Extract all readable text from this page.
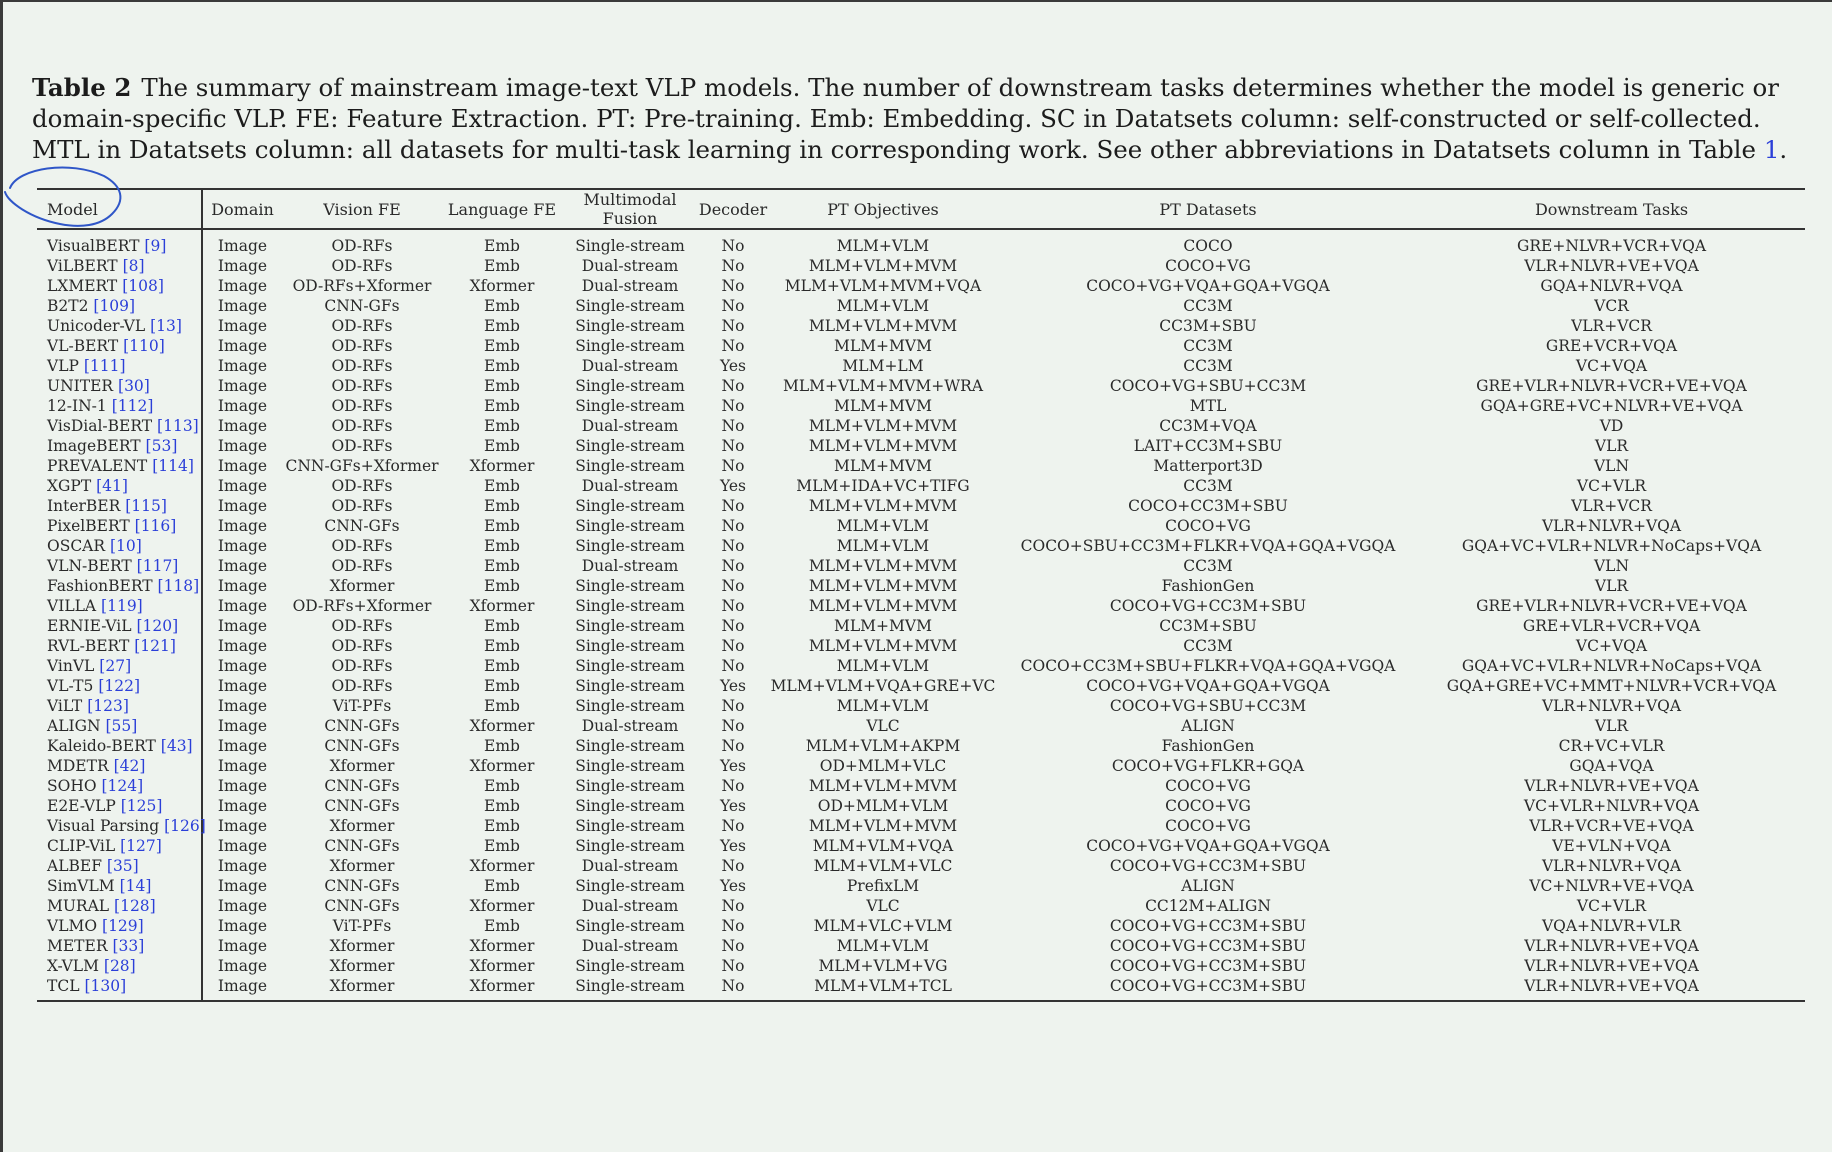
Table 2 The summary of mainstream image-text VLP models. The number of downstream tasks determines whether the model is generic or domain-specific VLP. FE: Feature Extraction. PT: Pre-training. Emb: Embedding. SC in Datatsets column: self-constructed or self-collected. MTL in Datatsets column: all datasets for multi-task learning in corresponding work. See other abbreviations in Datatsets column in Table 1.
Model	Domain	Vision FE	Language FE	Multimodal Fusion	Decoder	PT Objectives	PT Datasets	Downstream Tasks
VisualBERT [9]	Image	OD-RFs	Emb	Single-stream	No	MLM+VLM	COCO	GRE+NLVR+VCR+VQA
ViLBERT [8]	Image	OD-RFs	Emb	Dual-stream	No	MLM+VLM+MVM	COCO+VG	VLR+NLVR+VE+VQA
LXMERT [108]	Image	OD-RFs+Xformer	Xformer	Dual-stream	No	MLM+VLM+MVM+VQA	COCO+VG+VQA+GQA+VGQA	GQA+NLVR+VQA
B2T2 [109]	Image	CNN-GFs	Emb	Single-stream	No	MLM+VLM	CC3M	VCR
Unicoder-VL [13]	Image	OD-RFs	Emb	Single-stream	No	MLM+VLM+MVM	CC3M+SBU	VLR+VCR
VL-BERT [110]	Image	OD-RFs	Emb	Single-stream	No	MLM+MVM	CC3M	GRE+VCR+VQA
VLP [111]	Image	OD-RFs	Emb	Dual-stream	Yes	MLM+LM	CC3M	VC+VQA
UNITER [30]	Image	OD-RFs	Emb	Single-stream	No	MLM+VLM+MVM+WRA	COCO+VG+SBU+CC3M	GRE+VLR+NLVR+VCR+VE+VQA
12-IN-1 [112]	Image	OD-RFs	Emb	Single-stream	No	MLM+MVM	MTL	GQA+GRE+VC+NLVR+VE+VQA
VisDial-BERT [113]	Image	OD-RFs	Emb	Dual-stream	No	MLM+VLM+MVM	CC3M+VQA	VD
ImageBERT [53]	Image	OD-RFs	Emb	Single-stream	No	MLM+VLM+MVM	LAIT+CC3M+SBU	VLR
PREVALENT [114]	Image	CNN-GFs+Xformer	Xformer	Single-stream	No	MLM+MVM	Matterport3D	VLN
XGPT [41]	Image	OD-RFs	Emb	Dual-stream	Yes	MLM+IDA+VC+TIFG	CC3M	VC+VLR
InterBER [115]	Image	OD-RFs	Emb	Single-stream	No	MLM+VLM+MVM	COCO+CC3M+SBU	VLR+VCR
PixelBERT [116]	Image	CNN-GFs	Emb	Single-stream	No	MLM+VLM	COCO+VG	VLR+NLVR+VQA
OSCAR [10]	Image	OD-RFs	Emb	Single-stream	No	MLM+VLM	COCO+SBU+CC3M+FLKR+VQA+GQA+VGQA	GQA+VC+VLR+NLVR+NoCaps+VQA
VLN-BERT [117]	Image	OD-RFs	Emb	Dual-stream	No	MLM+VLM+MVM	CC3M	VLN
FashionBERT [118]	Image	Xformer	Emb	Single-stream	No	MLM+VLM+MVM	FashionGen	VLR
VILLA [119]	Image	OD-RFs+Xformer	Xformer	Single-stream	No	MLM+VLM+MVM	COCO+VG+CC3M+SBU	GRE+VLR+NLVR+VCR+VE+VQA
ERNIE-ViL [120]	Image	OD-RFs	Emb	Single-stream	No	MLM+MVM	CC3M+SBU	GRE+VLR+VCR+VQA
RVL-BERT [121]	Image	OD-RFs	Emb	Single-stream	No	MLM+VLM+MVM	CC3M	VC+VQA
VinVL [27]	Image	OD-RFs	Emb	Single-stream	No	MLM+VLM	COCO+CC3M+SBU+FLKR+VQA+GQA+VGQA	GQA+VC+VLR+NLVR+NoCaps+VQA
VL-T5 [122]	Image	OD-RFs	Emb	Single-stream	Yes	MLM+VLM+VQA+GRE+VC	COCO+VG+VQA+GQA+VGQA	GQA+GRE+VC+MMT+NLVR+VCR+VQA
ViLT [123]	Image	ViT-PFs	Emb	Single-stream	No	MLM+VLM	COCO+VG+SBU+CC3M	VLR+NLVR+VQA
ALIGN [55]	Image	CNN-GFs	Xformer	Dual-stream	No	VLC	ALIGN	VLR
Kaleido-BERT [43]	Image	CNN-GFs	Emb	Single-stream	No	MLM+VLM+AKPM	FashionGen	CR+VC+VLR
MDETR [42]	Image	Xformer	Xformer	Single-stream	Yes	OD+MLM+VLC	COCO+VG+FLKR+GQA	GQA+VQA
SOHO [124]	Image	CNN-GFs	Emb	Single-stream	No	MLM+VLM+MVM	COCO+VG	VLR+NLVR+VE+VQA
E2E-VLP [125]	Image	CNN-GFs	Emb	Single-stream	Yes	OD+MLM+VLM	COCO+VG	VC+VLR+NLVR+VQA
Visual Parsing [126]	Image	Xformer	Emb	Single-stream	No	MLM+VLM+MVM	COCO+VG	VLR+VCR+VE+VQA
CLIP-ViL [127]	Image	CNN-GFs	Emb	Single-stream	Yes	MLM+VLM+VQA	COCO+VG+VQA+GQA+VGQA	VE+VLN+VQA
ALBEF [35]	Image	Xformer	Xformer	Dual-stream	No	MLM+VLM+VLC	COCO+VG+CC3M+SBU	VLR+NLVR+VQA
SimVLM [14]	Image	CNN-GFs	Emb	Single-stream	Yes	PrefixLM	ALIGN	VC+NLVR+VE+VQA
MURAL [128]	Image	CNN-GFs	Xformer	Dual-stream	No	VLC	CC12M+ALIGN	VC+VLR
VLMO [129]	Image	ViT-PFs	Emb	Single-stream	No	MLM+VLC+VLM	COCO+VG+CC3M+SBU	VQA+NLVR+VLR
METER [33]	Image	Xformer	Xformer	Dual-stream	No	MLM+VLM	COCO+VG+CC3M+SBU	VLR+NLVR+VE+VQA
X-VLM [28]	Image	Xformer	Xformer	Single-stream	No	MLM+VLM+VG	COCO+VG+CC3M+SBU	VLR+NLVR+VE+VQA
TCL [130]	Image	Xformer	Xformer	Single-stream	No	MLM+VLM+TCL	COCO+VG+CC3M+SBU	VLR+NLVR+VE+VQA
